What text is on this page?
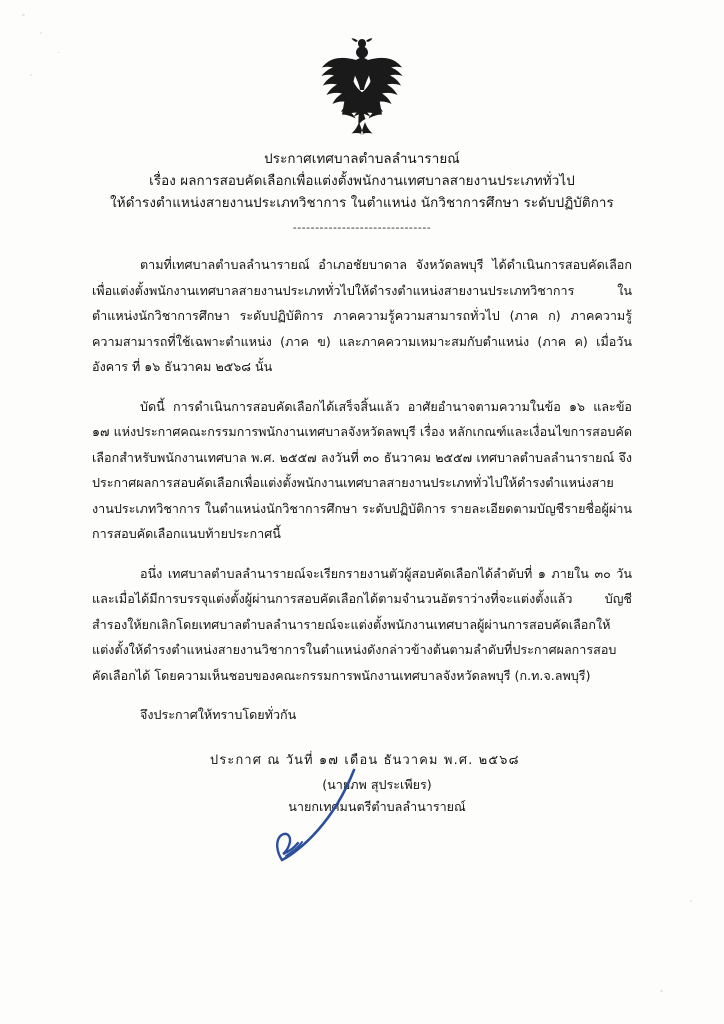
ประกาศเทศบาลตำบลลำนารายณ์
เรื่อง ผลการสอบคัดเลือกเพื่อแต่งตั้งพนักงานเทศบาลสายงานประเภททั่วไป
ให้ดำรงตำแหน่งสายงานประเภทวิชาการ ในตำแหน่ง นักวิชาการศึกษา ระดับปฏิบัติการ
-------------------------------

ตามที่เทศบาลตำบลลำนารายณ์ อำเภอชัยบาดาล จังหวัดลพบุรี ได้ดำเนินการสอบคัดเลือกเพื่อแต่งตั้งพนักงานเทศบาลสายงานประเภททั่วไปให้ดำรงตำแหน่งสายงานประเภทวิชาการ ในตำแหน่งนักวิชาการศึกษา ระดับปฏิบัติการ ภาคความรู้ความสามารถทั่วไป (ภาค ก) ภาคความรู้ความสามารถที่ใช้เฉพาะตำแหน่ง (ภาค ข) และภาคความเหมาะสมกับตำแหน่ง (ภาค ค) เมื่อวันอังคาร ที่ ๑๖ ธันวาคม ๒๕๖๘ นั้น

บัดนี้ การดำเนินการสอบคัดเลือกได้เสร็จสิ้นแล้ว อาศัยอำนาจตามความในข้อ ๑๖ และข้อ ๑๗ แห่งประกาศคณะกรรมการพนักงานเทศบาลจังหวัดลพบุรี เรื่อง หลักเกณฑ์และเงื่อนไขการสอบคัดเลือกสำหรับพนักงานเทศบาล พ.ศ. ๒๕๕๗ ลงวันที่ ๓๐ ธันวาคม ๒๕๕๗ เทศบาลตำบลลำนารายณ์ จึงประกาศผลการสอบคัดเลือกเพื่อแต่งตั้งพนักงานเทศบาลสายงานประเภททั่วไปให้ดำรงตำแหน่งสายงานประเภทวิชาการ ในตำแหน่งนักวิชาการศึกษา ระดับปฏิบัติการ รายละเอียดตามบัญชีรายชื่อผู้ผ่านการสอบคัดเลือกแนบท้ายประกาศนี้

อนึ่ง เทศบาลตำบลลำนารายณ์จะเรียกรายงานตัวผู้สอบคัดเลือกได้ลำดับที่ ๑ ภายใน ๓๐ วัน และเมื่อได้มีการบรรจุแต่งตั้งผู้ผ่านการสอบคัดเลือกได้ตามจำนวนอัตราว่างที่จะแต่งตั้งแล้ว บัญชีสำรองให้ยกเลิกโดยเทศบาลตำบลลำนารายณ์จะแต่งตั้งพนักงานเทศบาลผู้ผ่านการสอบคัดเลือกให้แต่งตั้งให้ดำรงตำแหน่งสายงานวิชาการในตำแหน่งดังกล่าวข้างต้นตามลำดับที่ประกาศผลการสอบคัดเลือกได้ โดยความเห็นชอบของคณะกรรมการพนักงานเทศบาลจังหวัดลพบุรี (ก.ท.จ.ลพบุรี)

จึงประกาศให้ทราบโดยทั่วกัน

ประกาศ ณ วันที่ ๑๗ เดือน ธันวาคม พ.ศ. ๒๕๖๘
(นายภพ สุประเพียร)
นายกเทศมนตรีตำบลลำนารายณ์
